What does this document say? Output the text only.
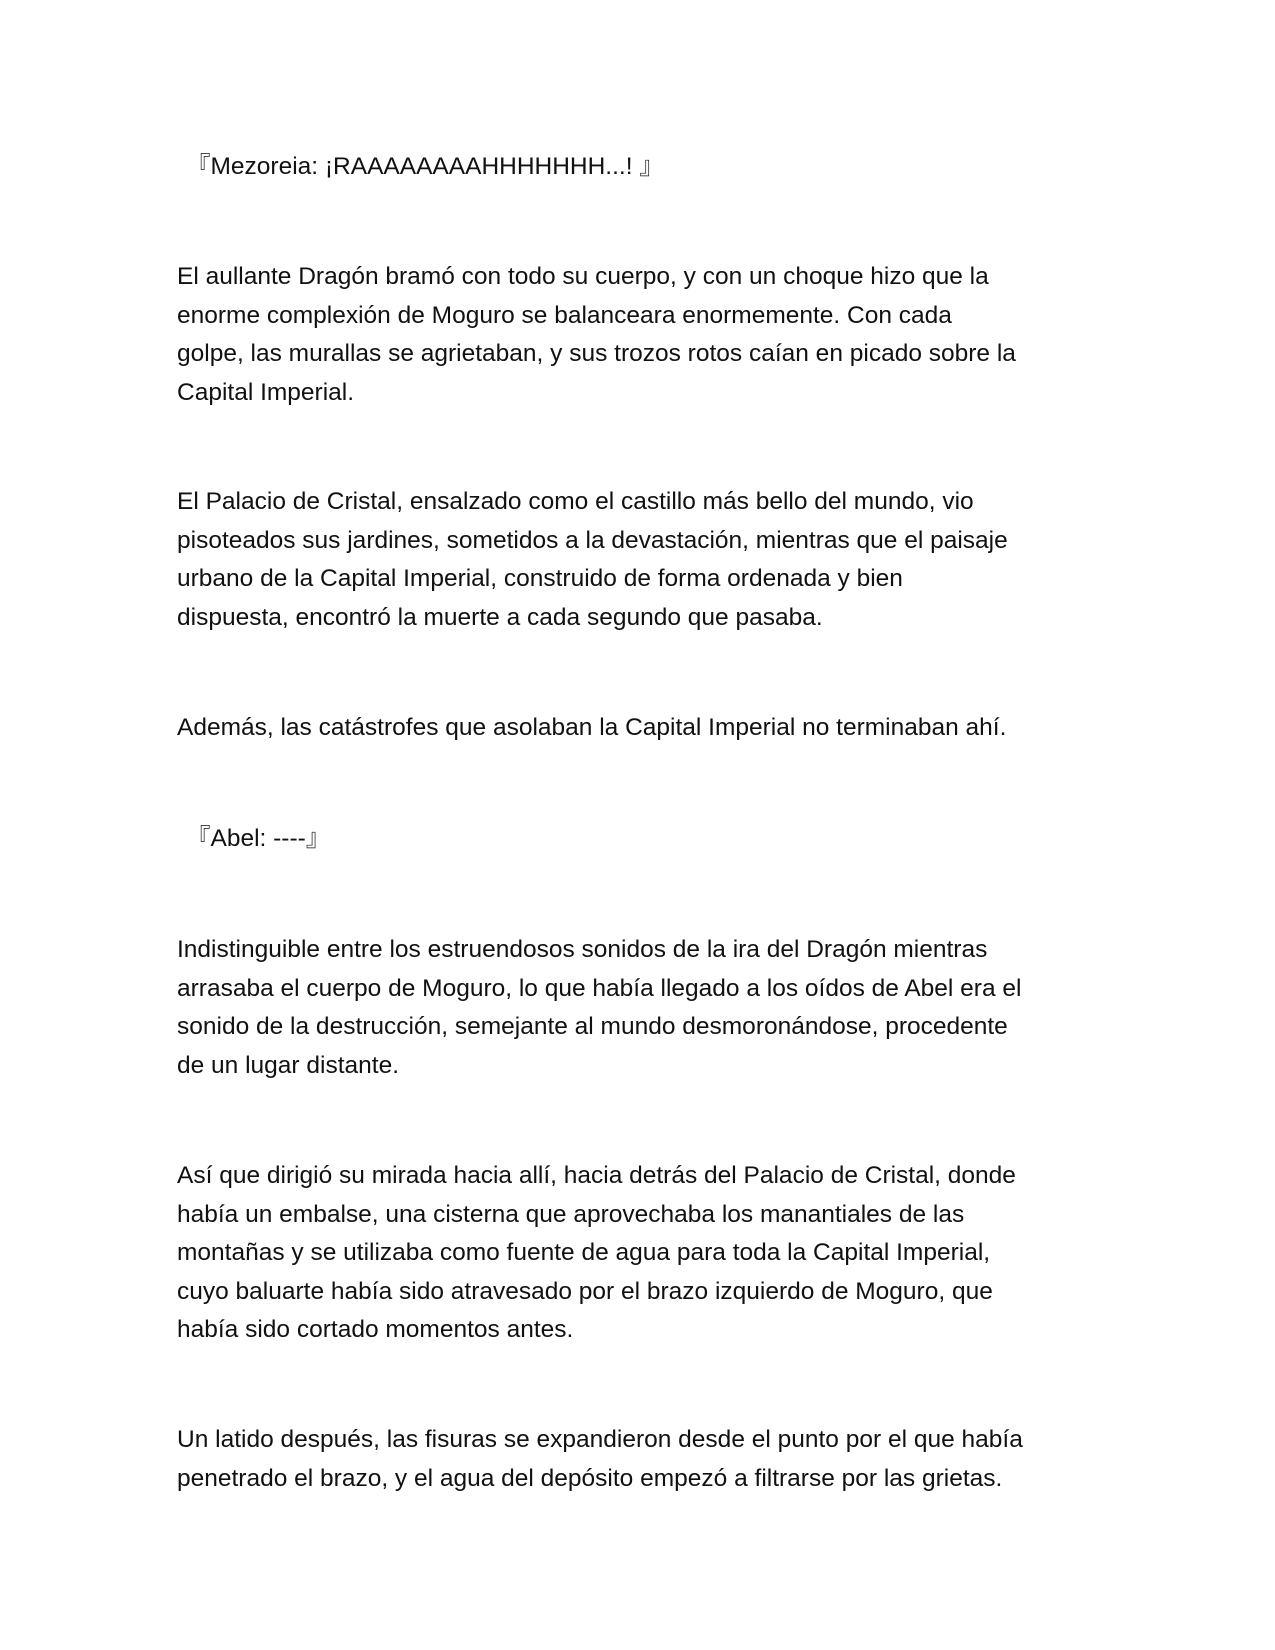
『Mezoreia: ¡RAAAAAAAAHHHHHHH...! 』
El aullante Dragón bramó con todo su cuerpo, y con un choque hizo que la
enorme complexión de Moguro se balanceara enormemente. Con cada
golpe, las murallas se agrietaban, y sus trozos rotos caían en picado sobre la
Capital Imperial.
El Palacio de Cristal, ensalzado como el castillo más bello del mundo, vio
pisoteados sus jardines, sometidos a la devastación, mientras que el paisaje
urbano de la Capital Imperial, construido de forma ordenada y bien
dispuesta, encontró la muerte a cada segundo que pasaba.
Además, las catástrofes que asolaban la Capital Imperial no terminaban ahí.
『Abel: ----』
Indistinguible entre los estruendosos sonidos de la ira del Dragón mientras
arrasaba el cuerpo de Moguro, lo que había llegado a los oídos de Abel era el
sonido de la destrucción, semejante al mundo desmoronándose, procedente
de un lugar distante.
Así que dirigió su mirada hacia allí, hacia detrás del Palacio de Cristal, donde
había un embalse, una cisterna que aprovechaba los manantiales de las
montañas y se utilizaba como fuente de agua para toda la Capital Imperial,
cuyo baluarte había sido atravesado por el brazo izquierdo de Moguro, que
había sido cortado momentos antes.
Un latido después, las fisuras se expandieron desde el punto por el que había
penetrado el brazo, y el agua del depósito empezó a filtrarse por las grietas.
